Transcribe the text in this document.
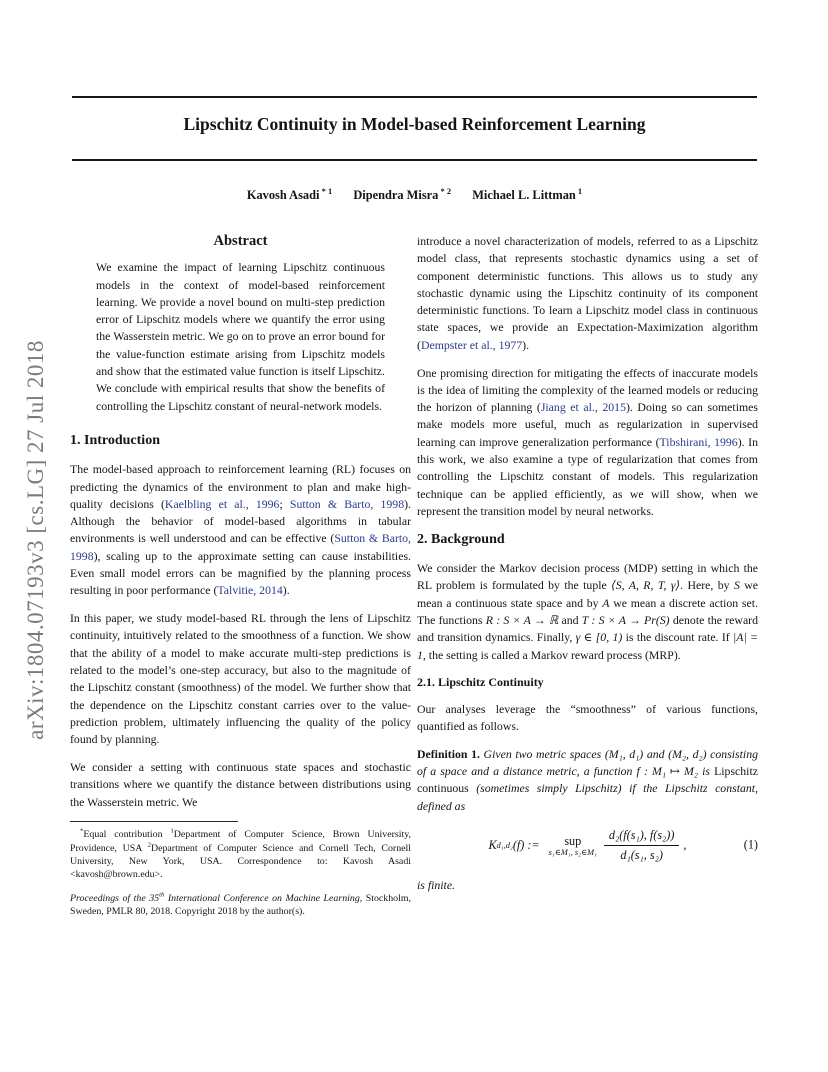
arXiv:1804.07193v3 [cs.LG] 27 Jul 2018
Lipschitz Continuity in Model-based Reinforcement Learning
Kavosh Asadi $^{* 1}$ Dipendra Misra $^{* 2}$ Michael L. Littman $^1$
Abstract

We examine the impact of learning Lipschitz continuous models in the context of model-based reinforcement learning. We provide a novel bound on multi-step prediction error of Lipschitz models where we quantify the error using the Wasserstein metric. We go on to prove an error bound for the value-function estimate arising from Lipschitz models and show that the estimated value function is itself Lipschitz. We conclude with empirical results that show the benefits of controlling the Lipschitz constant of neural-network models.

1. Introduction

The model-based approach to reinforcement learning (RL) focuses on predicting the dynamics of the environment to plan and make high-quality decisions (Kaelbling et al., 1996; Sutton & Barto, 1998). Although the behavior of model-based algorithms in tabular environments is well understood and can be effective (Sutton & Barto, 1998), scaling up to the approximate setting can cause instabilities. Even small model errors can be magnified by the planning process resulting in poor performance (Talvitie, 2014).

In this paper, we study model-based RL through the lens of Lipschitz continuity, intuitively related to the smoothness of a function. We show that the ability of a model to make accurate multi-step predictions is related to the model’s one-step accuracy, but also to the magnitude of the Lipschitz constant (smoothness) of the model. We further show that the dependence on the Lipschitz constant carries over to the value-prediction problem, ultimately influencing the quality of the policy found by planning.

We consider a setting with continuous state spaces and stochastic transitions where we quantify the distance between distributions using the Wasserstein metric. We

*Equal contribution $^1$Department of Computer Science, Brown University, Providence, USA $^2$Department of Computer Science and Cornell Tech, Cornell University, New York, USA. Correspondence to: Kavosh Asadi <kavosh@brown.edu>.

Proceedings of the 35th International Conference on Machine Learning, Stockholm, Sweden, PMLR 80, 2018. Copyright 2018 by the author(s).

introduce a novel characterization of models, referred to as a Lipschitz model class, that represents stochastic dynamics using a set of component deterministic functions. This allows us to study any stochastic dynamic using the Lipschitz continuity of its component deterministic functions. To learn a Lipschitz model class in continuous state spaces, we provide an Expectation-Maximization algorithm (Dempster et al., 1977).

One promising direction for mitigating the effects of inaccurate models is the idea of limiting the complexity of the learned models or reducing the horizon of planning (Jiang et al., 2015). Doing so can sometimes make models more useful, much as regularization in supervised learning can improve generalization performance (Tibshirani, 1996). In this work, we also examine a type of regularization that comes from controlling the Lipschitz constant of models. This regularization technique can be applied efficiently, as we will show, when we represent the transition model by neural networks.

2. Background

We consider the Markov decision process (MDP) setting in which the RL problem is formulated by the tuple ⟨S, A, R, T, γ⟩. Here, by S we mean a continuous state space and by A we mean a discrete action set. The functions R : S × A → ℝ and T : S × A → Pr(S) denote the reward and transition dynamics. Finally, γ ∈ [0, 1) is the discount rate. If |A| = 1, the setting is called a Markov reward process (MRP).

2.1. Lipschitz Continuity

Our analyses leverage the “smoothness” of various functions, quantified as follows.

Definition 1. Given two metric spaces (M₁, d₁) and (M₂, d₂) consisting of a space and a distance metric, a function f : M₁ ↦ M₂ is Lipschitz continuous (sometimes simply Lipschitz) if the Lipschitz constant, defined as

K d₁,d₂ (f) := sup
s₁∈M₁, s₂∈M₁ $\frac{\text{d₂(f(s₁), f(s₂))}}{\text{d₁(s₁, s₂)}}$ ,	(1)

is finite.
